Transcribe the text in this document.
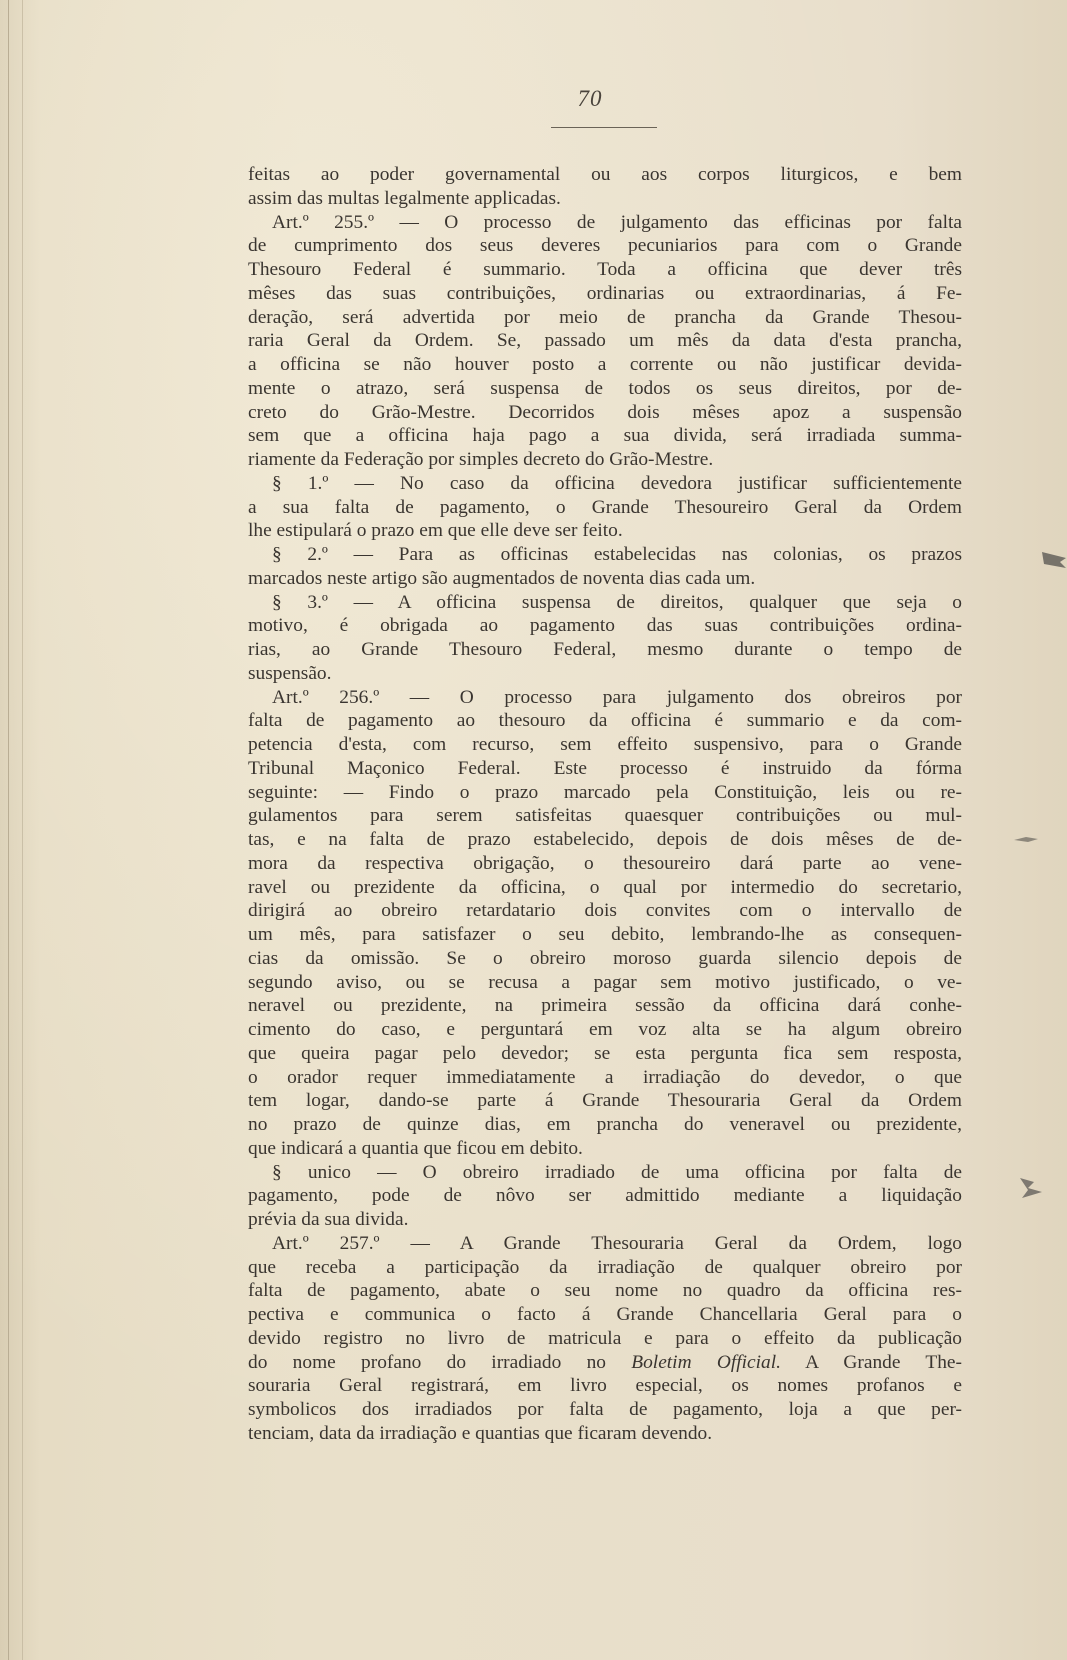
70
feitas ao poder governamental ou aos corpos liturgicos, e bem
assim das multas legalmente applicadas.
Art.º 255.º — O processo de julgamento das efficinas por falta
de cumprimento dos seus deveres pecuniarios para com o Grande
Thesouro Federal é summario. Toda a officina que dever três
mêses das suas contribuições, ordinarias ou extraordinarias, á Fe-
deração, será advertida por meio de prancha da Grande Thesou-
raria Geral da Ordem. Se, passado um mês da data d'esta prancha,
a officina se não houver posto a corrente ou não justificar devida-
mente o atrazo, será suspensa de todos os seus direitos, por de-
creto do Grão-Mestre. Decorridos dois mêses apoz a suspensão
sem que a officina haja pago a sua divida, será irradiada summa-
riamente da Federação por simples decreto do Grão-Mestre.
§ 1.º — No caso da officina devedora justificar sufficientemente
a sua falta de pagamento, o Grande Thesoureiro Geral da Ordem
lhe estipulará o prazo em que elle deve ser feito.
§ 2.º — Para as officinas estabelecidas nas colonias, os prazos
marcados neste artigo são augmentados de noventa dias cada um.
§ 3.º — A officina suspensa de direitos, qualquer que seja o
motivo, é obrigada ao pagamento das suas contribuições ordina-
rias, ao Grande Thesouro Federal, mesmo durante o tempo de
suspensão.
Art.º 256.º — O processo para julgamento dos obreiros por
falta de pagamento ao thesouro da officina é summario e da com-
petencia d'esta, com recurso, sem effeito suspensivo, para o Grande
Tribunal Maçonico Federal. Este processo é instruido da fórma
seguinte: — Findo o prazo marcado pela Constituição, leis ou re-
gulamentos para serem satisfeitas quaesquer contribuições ou mul-
tas, e na falta de prazo estabelecido, depois de dois mêses de de-
mora da respectiva obrigação, o thesoureiro dará parte ao vene-
ravel ou prezidente da officina, o qual por intermedio do secretario,
dirigirá ao obreiro retardatario dois convites com o intervallo de
um mês, para satisfazer o seu debito, lembrando-lhe as consequen-
cias da omissão. Se o obreiro moroso guarda silencio depois de
segundo aviso, ou se recusa a pagar sem motivo justificado, o ve-
neravel ou prezidente, na primeira sessão da officina dará conhe-
cimento do caso, e perguntará em voz alta se ha algum obreiro
que queira pagar pelo devedor; se esta pergunta fica sem resposta,
o orador requer immediatamente a irradiação do devedor, o que
tem logar, dando-se parte á Grande Thesouraria Geral da Ordem
no prazo de quinze dias, em prancha do veneravel ou prezidente,
que indicará a quantia que ficou em debito.
§ unico — O obreiro irradiado de uma officina por falta de
pagamento, pode de nôvo ser admittido mediante a liquidação
prévia da sua divida.
Art.º 257.º — A Grande Thesouraria Geral da Ordem, logo
que receba a participação da irradiação de qualquer obreiro por
falta de pagamento, abate o seu nome no quadro da officina res-
pectiva e communica o facto á Grande Chancellaria Geral para o
devido registro no livro de matricula e para o effeito da publicação
do nome profano do irradiado no Boletim Official. A Grande The-
souraria Geral registrará, em livro especial, os nomes profanos e
symbolicos dos irradiados por falta de pagamento, loja a que per-
tenciam, data da irradiação e quantias que ficaram devendo.
